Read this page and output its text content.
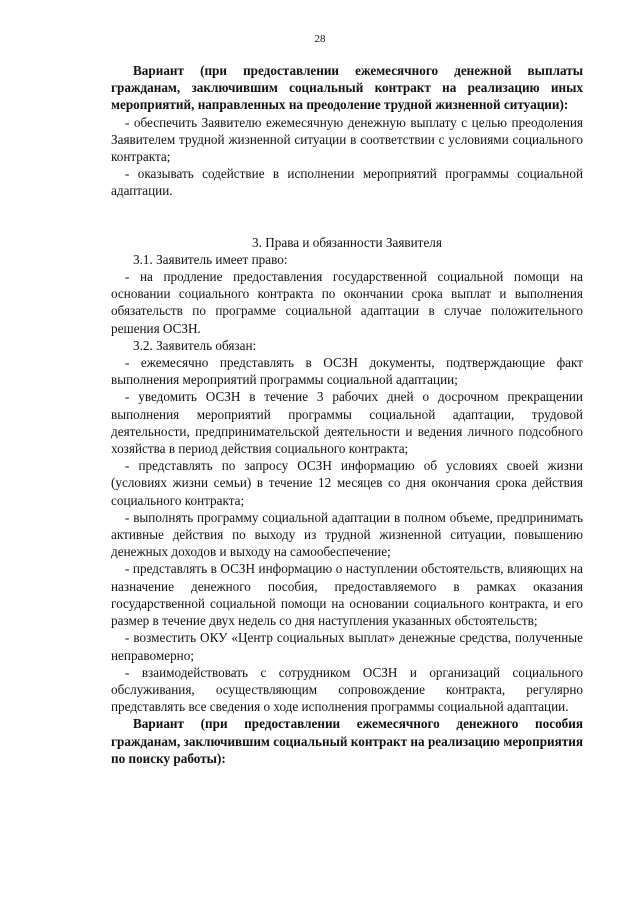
28

Вариант (при предоставлении ежемесячного денежной выплаты гражданам, заключившим социальный контракт на реализацию иных мероприятий, направленных на преодоление трудной жизненной ситуации):

- обеспечить Заявителю ежемесячную денежную выплату с целью преодоления Заявителем трудной жизненной ситуации в соответствии с условиями социального контракта;

- оказывать содействие в исполнении мероприятий программы социальной адаптации.

3. Права и обязанности Заявителя

3.1. Заявитель имеет право:

- на продление предоставления государственной социальной помощи на основании социального контракта по окончании срока выплат и выполнения обязательств по программе социальной адаптации в случае положительного решения ОСЗН.

3.2. Заявитель обязан:

- ежемесячно представлять в ОСЗН документы, подтверждающие факт выполнения мероприятий программы социальной адаптации;

- уведомить ОСЗН в течение 3 рабочих дней о досрочном прекращении выполнения мероприятий программы социальной адаптации, трудовой деятельности, предпринимательской деятельности и ведения личного подсобного хозяйства в период действия социального контракта;

- представлять по запросу ОСЗН информацию об условиях своей жизни (условиях жизни семьи) в течение 12 месяцев со дня окончания срока действия социального контракта;

- выполнять программу социальной адаптации в полном объеме, предпринимать активные действия по выходу из трудной жизненной ситуации, повышению денежных доходов и выходу на самообеспечение;

- представлять в ОСЗН информацию о наступлении обстоятельств, влияющих на назначение денежного пособия, предоставляемого в рамках оказания государственной социальной помощи на основании социального контракта, и его размер в течение двух недель со дня наступления указанных обстоятельств;

- возместить ОКУ «Центр социальных выплат» денежные средства, полученные неправомерно;

- взаимодействовать с сотрудником ОСЗН и организаций социального обслуживания, осуществляющим сопровождение контракта, регулярно представлять все сведения о ходе исполнения программы социальной адаптации.

Вариант (при предоставлении ежемесячного денежного пособия гражданам, заключившим социальный контракт на реализацию мероприятия по поиску работы):
